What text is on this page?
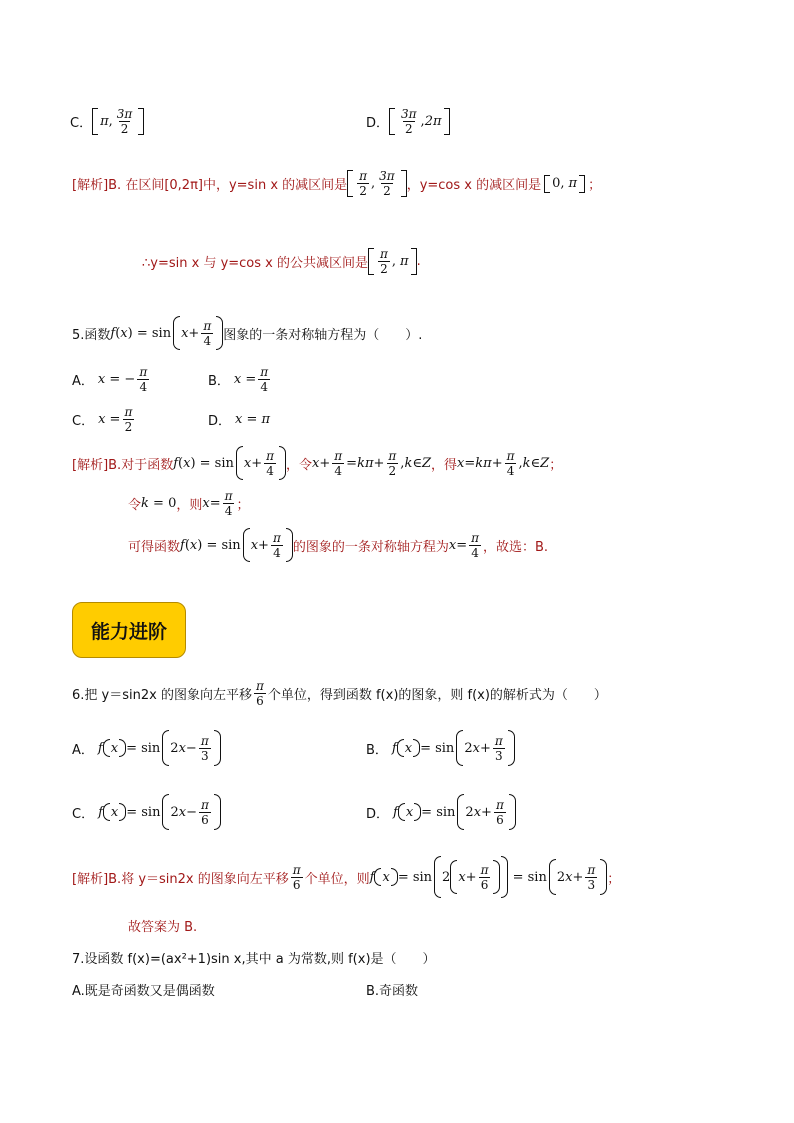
C． π , $\frac{3\pi}{2}$	D． $\frac{3\pi}{2}$ , 2π
[解析]B. 在区间[0,2π]中，y=sin x 的减区间是 $\frac{\pi}{2}$ , $\frac{3\pi}{2}$ ，y=cos x 的减区间是 0, π ；
∴y=sin x 与 y=cos x 的公共减区间是 $\frac{\pi}{2}$ , π .
5.函数 f ( x ) = $\sin x + \frac{\pi}{4}$ 图象的一条对称轴方程为（　　）.
A． x = − $\frac{\pi}{4}$	B． $x = \frac{\pi}{4}$
C． $x = \frac{\pi}{2}$	D． x = π
[解析]B.对于函数 f ( x ) = $\sin x + \frac{\pi}{4}$ ，令 $x + \frac{\pi}{4} = k\pi + \frac{\pi}{2}$ , k ∈ Z ，得 $x = k\pi + \frac{\pi}{4}$ , k ∈ Z ；
令 k = 0 ，则 $x = \frac{\pi}{4}$ ；
可得函数 f ( x ) = $\sin x + \frac{\pi}{4}$ 的图象的一条对称轴方程为 $x = \frac{\pi}{4}$ ，故选：B.
能力进阶
6.把 y＝sin2x 的图象向左平移 $\frac{\pi}{6}$ 个单位，得到函数 f(x)的图象，则 f(x)的解析式为（　　）
A． f x = sin 2 $x - \frac{\pi}{3}$	B． f x = sin 2 $x + \frac{\pi}{3}$
C． f x = sin 2 $x - \frac{\pi}{6}$	D． f x = sin 2 $x + \frac{\pi}{6}$
[解析]B.将 y＝sin2x 的图象向左平移 $\frac{\pi}{6}$ 个单位，则 f x = sin 2 $x + \frac{\pi}{6} = \sin 2$ $x + \frac{\pi}{3}$ ；
故答案为 B.
7.设函数 f(x)=(ax²+1)sin x,其中 a 为常数,则 f(x)是（　　）
A.既是奇函数又是偶函数	B.奇函数
